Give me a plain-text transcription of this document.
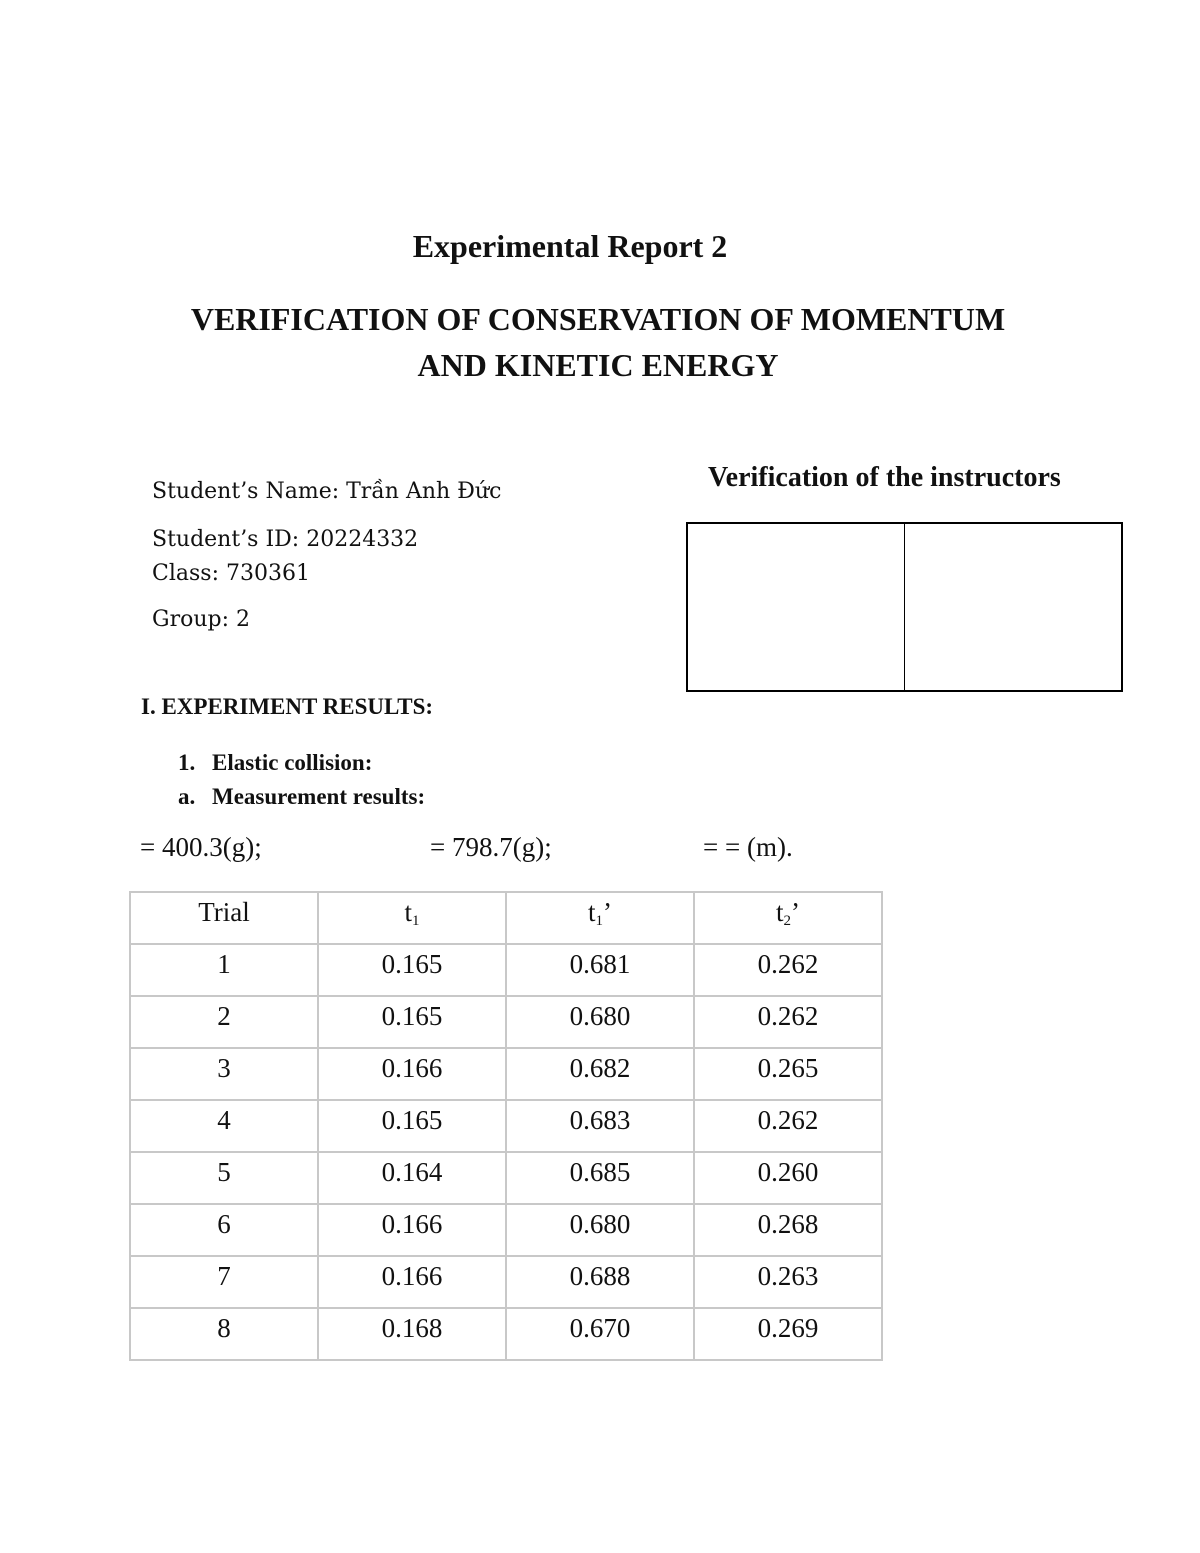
Experimental Report 2
VERIFICATION OF CONSERVATION OF MOMENTUM
AND KINETIC ENERGY
Student’s Name: Trần Anh Đức
Student’s ID: 20224332
Class: 730361
Group: 2
Verification of the instructors
I. EXPERIMENT RESULTS:
1. Elastic collision:
a. Measurement results:
= 400.3(g);	= 798.7(g);	= = (m).
Trial	$t_1$	$t_1$’	$t_2$’
1	0.165	0.681	0.262
2	0.165	0.680	0.262
3	0.166	0.682	0.265
4	0.165	0.683	0.262
5	0.164	0.685	0.260
6	0.166	0.680	0.268
7	0.166	0.688	0.263
8	0.168	0.670	0.269
